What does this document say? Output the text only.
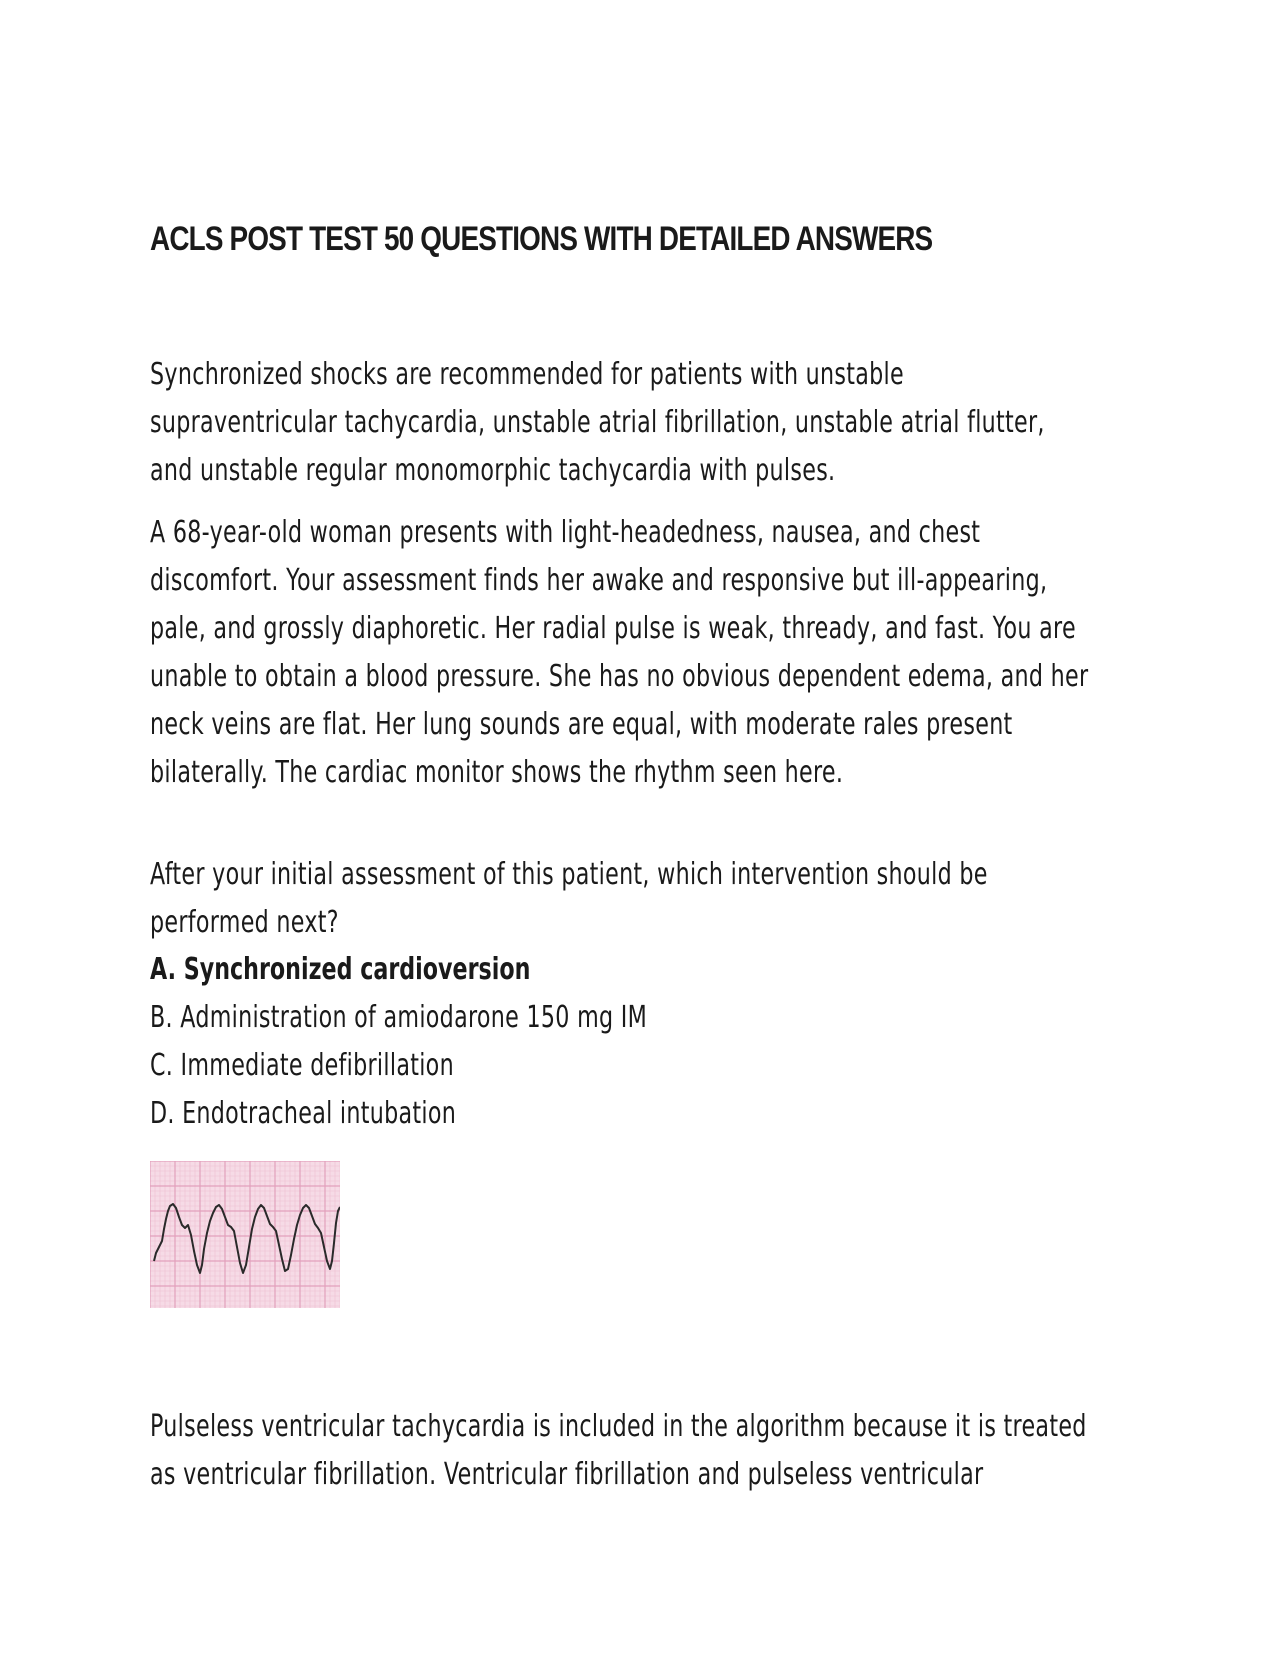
ACLS POST TEST 50 QUESTIONS WITH DETAILED ANSWERS

Synchronized shocks are recommended for patients with unstable
supraventricular tachycardia, unstable atrial fibrillation, unstable atrial flutter,
and unstable regular monomorphic tachycardia with pulses.

A 68-year-old woman presents with light-headedness, nausea, and chest
discomfort. Your assessment finds her awake and responsive but ill-appearing,
pale, and grossly diaphoretic. Her radial pulse is weak, thready, and fast. You are
unable to obtain a blood pressure. She has no obvious dependent edema, and her
neck veins are flat. Her lung sounds are equal, with moderate rales present
bilaterally. The cardiac monitor shows the rhythm seen here.

After your initial assessment of this patient, which intervention should be
performed next?

A. Synchronized cardioversion
B. Administration of amiodarone 150 mg IM
C. Immediate defibrillation
D. Endotracheal intubation

Pulseless ventricular tachycardia is included in the algorithm because it is treated
as ventricular fibrillation. Ventricular fibrillation and pulseless ventricular
